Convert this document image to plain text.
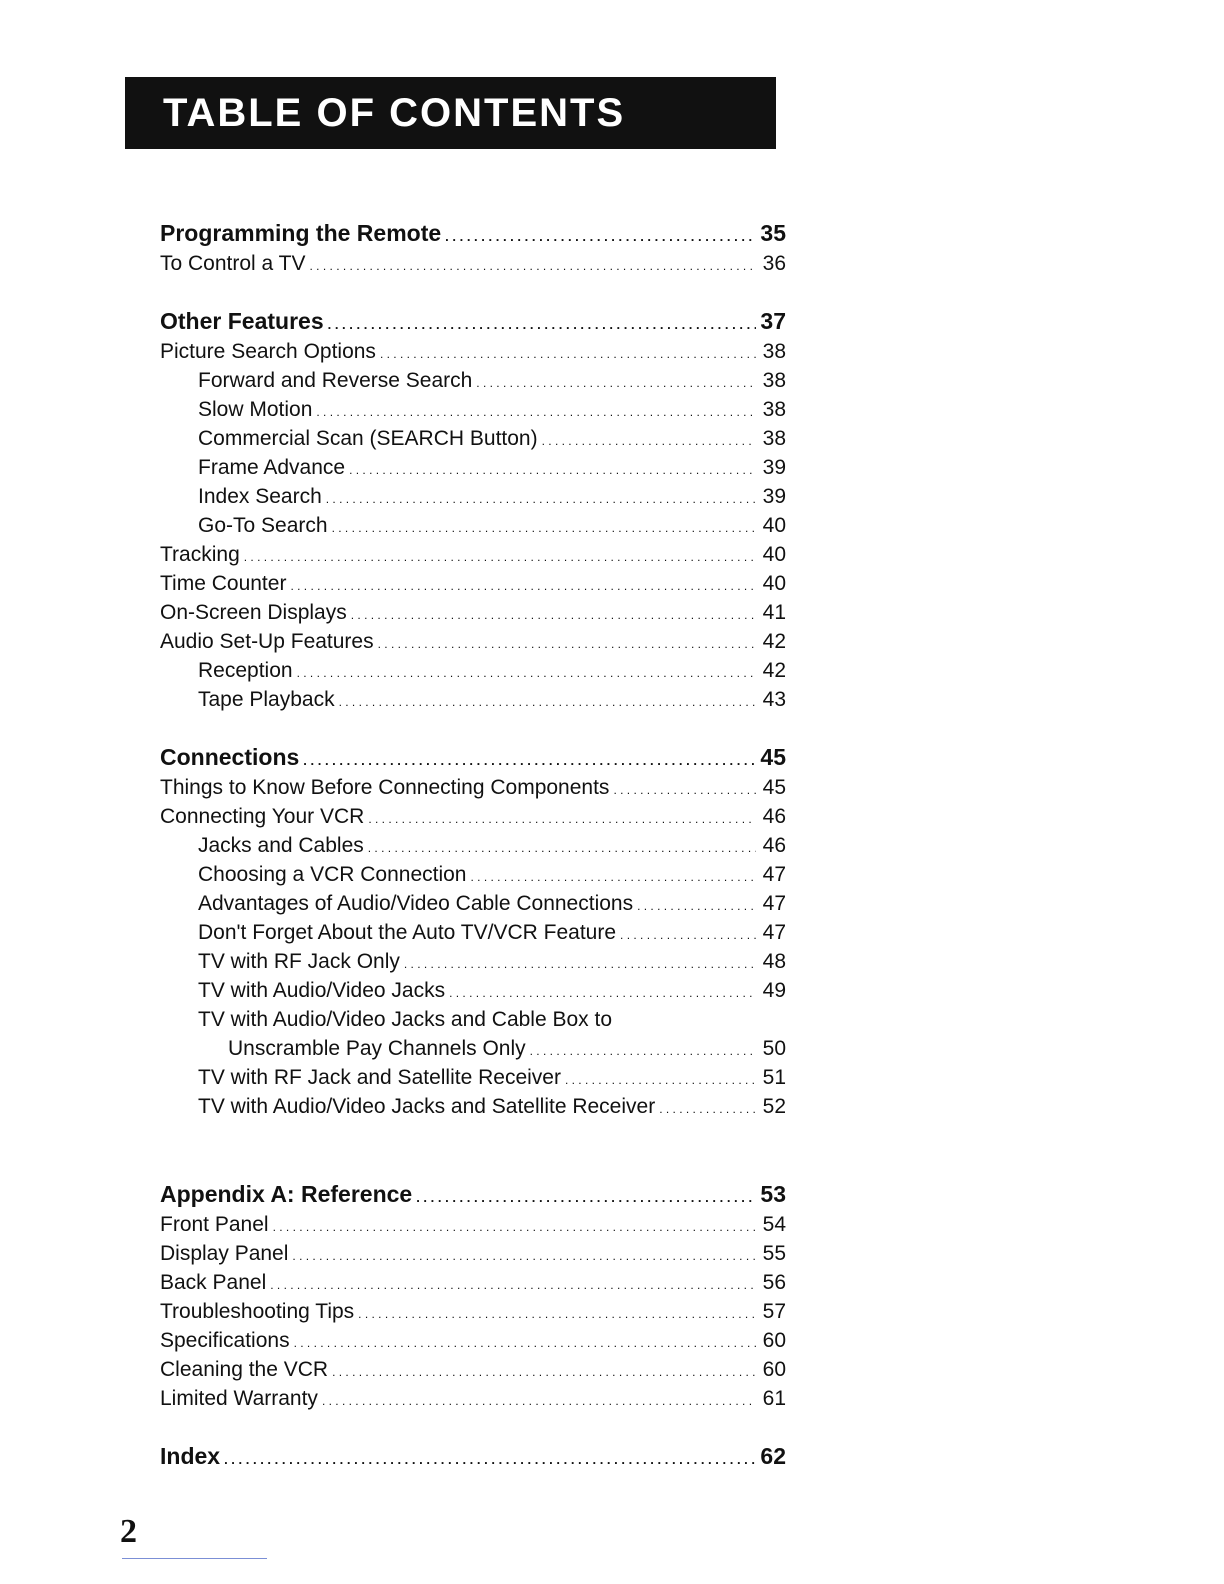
TABLE OF CONTENTS
Programming the Remote . . .	35
To Control a TV . . .	36
Other Features . . .	37
Picture Search Options . . .	38
Forward and Reverse Search . . .	38
Slow Motion . . .	38
Commercial Scan (SEARCH Button) . . .	38
Frame Advance . . .	39
Index Search . . .	39
Go-To Search . . .	40
Tracking . . .	40
Time Counter . . .	40
On-Screen Displays . . .	41
Audio Set-Up Features . . .	42
Reception . . .	42
Tape Playback . . .	43
Connections . . .	45
Things to Know Before Connecting Components . . .	45
Connecting Your VCR . . .	46
Jacks and Cables . . .	46
Choosing a VCR Connection . . .	47
Advantages of Audio/Video Cable Connections . . .	47
Don't Forget About the Auto TV/VCR Feature . . .	47
TV with RF Jack Only . . .	48
TV with Audio/Video Jacks . . .	49
TV with Audio/Video Jacks and Cable Box to
Unscramble Pay Channels Only . . .	50
TV with RF Jack and Satellite Receiver . . .	51
TV with Audio/Video Jacks and Satellite Receiver . . .	52
Appendix A: Reference . . .	53
Front Panel . . .	54
Display Panel . . .	55
Back Panel . . .	56
Troubleshooting Tips . . .	57
Specifications . . .	60
Cleaning the VCR . . .	60
Limited Warranty . . .	61
Index . . .	62
2
